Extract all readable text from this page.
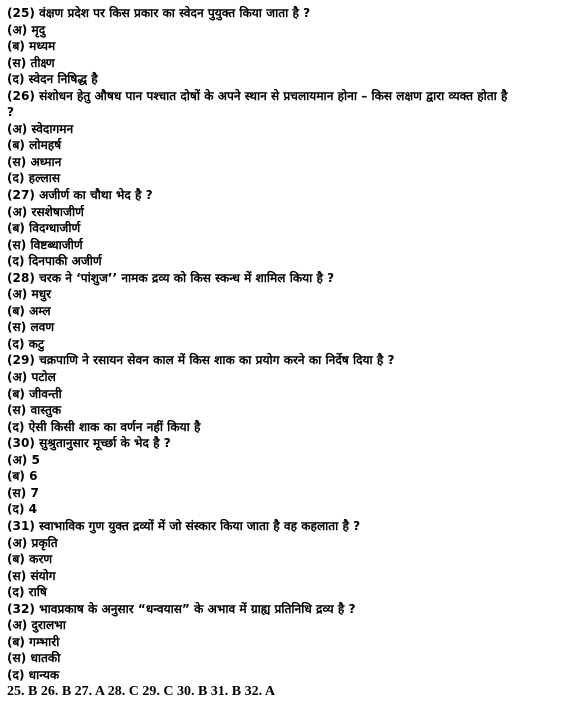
(25) वंक्षण प्रदेश पर किस प्रकार का स्वेदन पुयुक्त किया जाता है ?
(अ) मृदु
(ब) मध्यम
(स) तीक्ष्ण
(द) स्वेदन निषिद्ध है
(26) संशोधन हेतु औषध पान पश्चात दोषों के अपने स्थान से प्रचलायमान होना – किस लक्षण द्वारा व्यक्त होता है
?
(अ) स्वेदागमन
(ब) लोमहर्ष
(स) अध्मान
(द) हल्लास
(27) अजीर्ण का चौथा भेद है ?
(अ) रसशेषाजीर्ण
(ब) विदग्धाजीर्ण
(स) विष्टब्धाजीर्ण
(द) दिनपाकी अजीर्ण
(28) चरक ने ‘पांशुज’’ नामक द्रव्य को किस स्कन्ध में शामिल किया है ?
(अ) मधुर
(ब) अम्ल
(स) लवण
(द) कटु
(29) चक्रपाणि ने रसायन सेवन काल में किस शाक का प्रयोग करने का निर्देष दिया है ?
(अ) पटोल
(ब) जीवन्ती
(स) वास्तुक
(द) ऐसी किसी शाक का वर्णन नहीं किया है
(30) सुश्रुतानुसार मूर्च्छा के भेद है ?
(अ) 5
(ब) 6
(स) 7
(द) 4
(31) स्वाभाविक गुण युक्त द्रव्यों में जो संस्कार किया जाता है वह कहलाता है ?
(अ) प्रकृति
(ब) करण
(स) संयोग
(द) राषि
(32) भावप्रकाष के अनुसार “धन्वयास” के अभाव में ग्राह्य प्रतिनिधि द्रव्य है ?
(अ) दुरालभा
(ब) गम्भारी
(स) धातकी
(द) धान्यक
25. B 26. B 27. A 28. C 29. C 30. B 31. B 32. A
